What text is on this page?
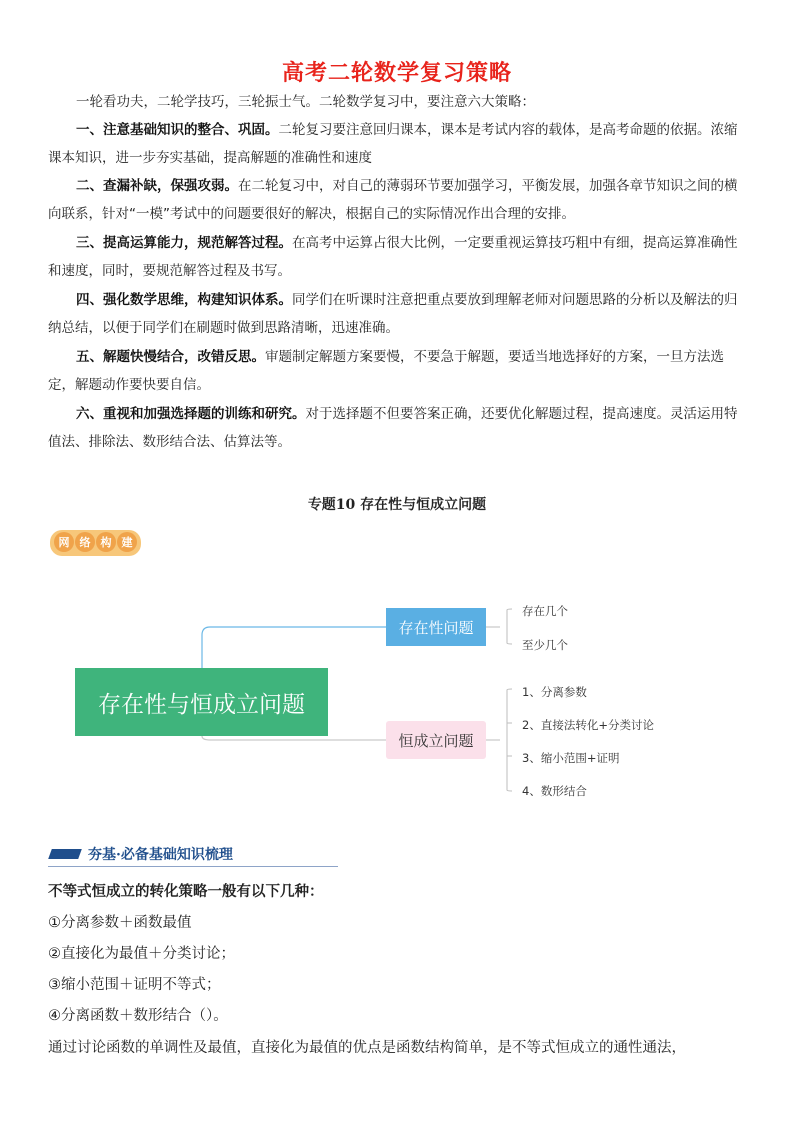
高考二轮数学复习策略
一轮看功夫，二轮学技巧，三轮振士气。二轮数学复习中，要注意六大策略：
一、注意基础知识的整合、巩固。二轮复习要注意回归课本，课本是考试内容的载体，是高考命题的依据。浓缩课本知识，进一步夯实基础，提高解题的准确性和速度
二、查漏补缺，保强攻弱。在二轮复习中，对自己的薄弱环节要加强学习，平衡发展，加强各章节知识之间的横向联系，针对“一模”考试中的问题要很好的解决，根据自己的实际情况作出合理的安排。
三、提高运算能力，规范解答过程。在高考中运算占很大比例，一定要重视运算技巧粗中有细，提高运算准确性和速度，同时，要规范解答过程及书写。
四、强化数学思维，构建知识体系。同学们在听课时注意把重点要放到理解老师对问题思路的分析以及解法的归纳总结，以便于同学们在刷题时做到思路清晰，迅速准确。
五、解题快慢结合，改错反思。审题制定解题方案要慢，不要急于解题，要适当地选择好的方案，一旦方法选定，解题动作要快要自信。
六、重视和加强选择题的训练和研究。对于选择题不但要答案正确，还要优化解题过程，提高速度。灵活运用特值法、排除法、数形结合法、估算法等。
专题10 存在性与恒成立问题
网 络 构 建
存在性与恒成立问题
存在性问题
恒成立问题
存在几个
至少几个
1、分离参数
2、直接法转化+分类讨论
3、缩小范围+证明
4、数形结合
夯基·必备基础知识梳理
不等式恒成立的转化策略一般有以下几种：
①分离参数＋函数最值
②直接化为最值＋分类讨论；
③缩小范围＋证明不等式；
④分离函数＋数形结合（）。
通过讨论函数的单调性及最值，直接化为最值的优点是函数结构简单，是不等式恒成立的通性通法，
